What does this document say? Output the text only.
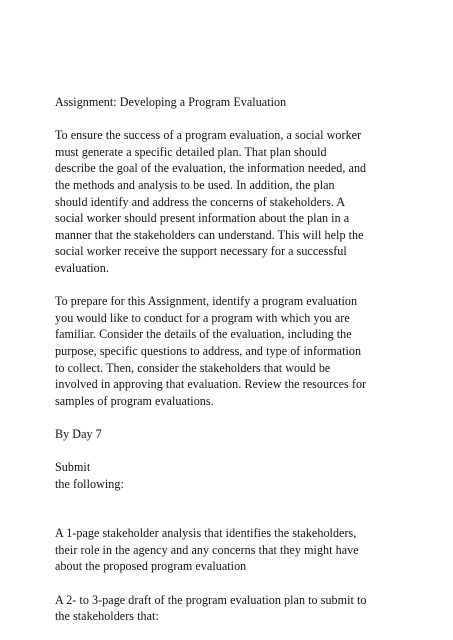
Assignment: Developing a Program Evaluation

To ensure the success of a program evaluation, a social worker
must generate a specific detailed plan. That plan should
describe the goal of the evaluation, the information needed, and
the methods and analysis to be used. In addition, the plan
should identify and address the concerns of stakeholders. A
social worker should present information about the plan in a
manner that the stakeholders can understand. This will help the
social worker receive the support necessary for a successful
evaluation.

To prepare for this Assignment, identify a program evaluation
you would like to conduct for a program with which you are
familiar. Consider the details of the evaluation, including the
purpose, specific questions to address, and type of information
to collect. Then, consider the stakeholders that would be
involved in approving that evaluation. Review the resources for
samples of program evaluations.

By Day 7

Submit

the following:

A 1-page stakeholder analysis that identifies the stakeholders,
their role in the agency and any concerns that they might have
about the proposed program evaluation

A 2- to 3-page draft of the program evaluation plan to submit to
the stakeholders that:
